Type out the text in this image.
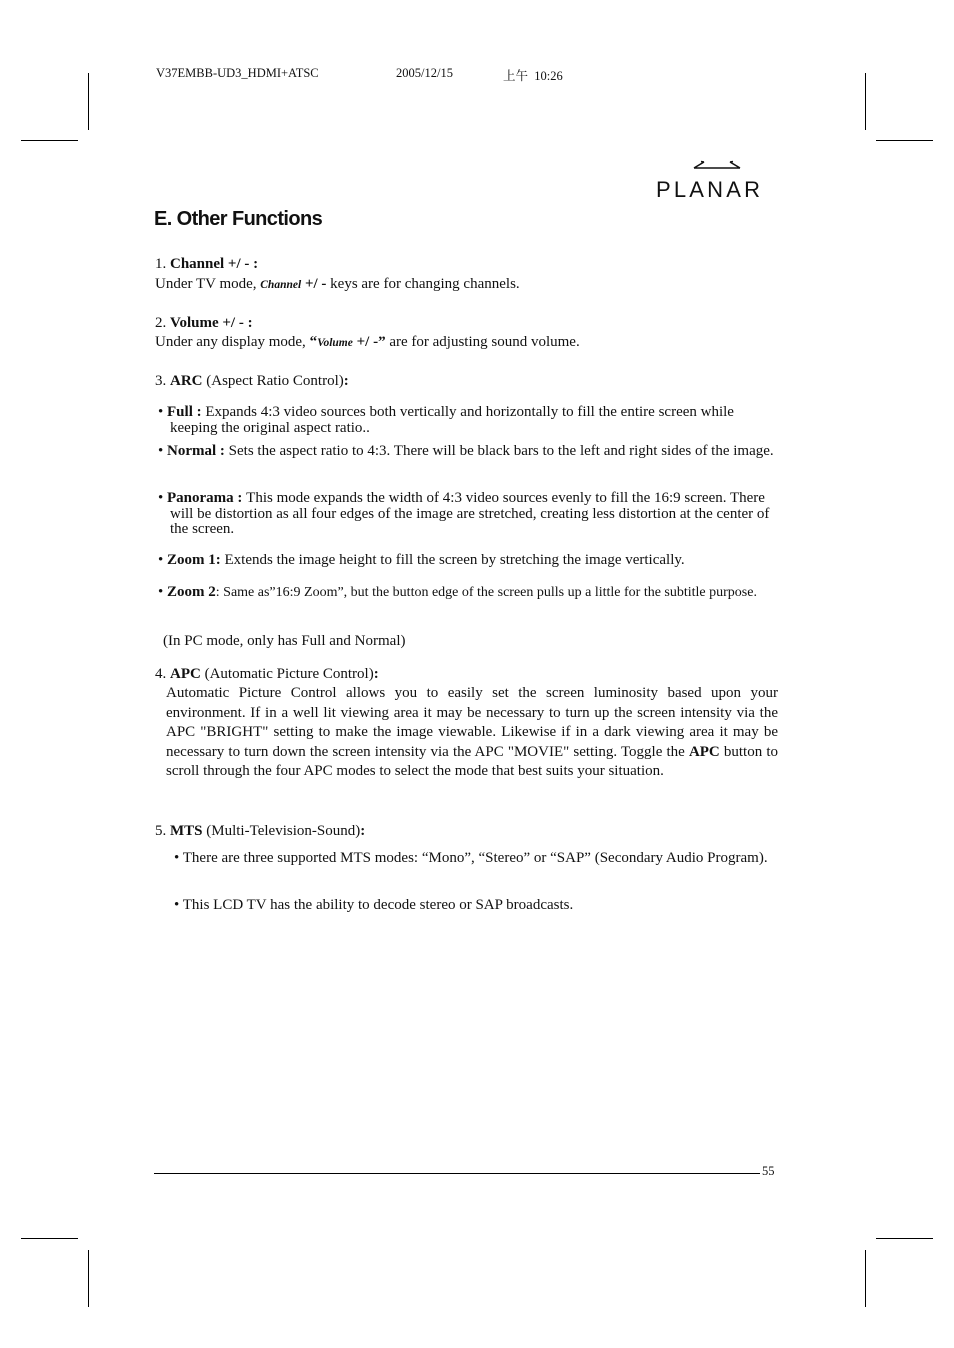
V37EMBB-UD3_HDMI+ATSC	2005/12/15	上午  10:26
PLANAR
E. Other Functions
1. Channel +/ - :
Under TV mode, Channel +/ - keys are for changing channels.
2. Volume +/ - :
Under any display mode, “Volume +/ -” are for adjusting sound volume.
3. ARC (Aspect Ratio Control):
• Full : Expands 4:3 video sources both vertically and horizontally to fill the entire screen while keeping the original aspect ratio..
• Normal : Sets the aspect ratio to 4:3. There will be black bars to the left and right sides of the image.
• Panorama : This mode expands the width of 4:3 video sources evenly to fill the 16:9 screen. There will be distortion as all four edges of the image are stretched, creating less distortion at the center of the screen.
• Zoom 1: Extends the image height to fill the screen by stretching the image vertically.
• Zoom 2: Same as”16:9 Zoom”, but the button edge of the screen pulls up a little for the subtitle purpose.
(In PC mode, only has Full and Normal)
4. APC (Automatic Picture Control):
Automatic Picture Control allows you to easily set the screen luminosity based upon your environment. If in a well lit viewing area it may be necessary to turn up the screen intensity via the APC "BRIGHT" setting to make the image viewable. Likewise if in a dark viewing area it may be necessary to turn down the screen intensity via the APC "MOVIE" setting. Toggle the APC button to scroll through the four APC modes to select the mode that best suits your situation.
5. MTS (Multi-Television-Sound):
• There are three supported MTS modes: “Mono”, “Stereo” or “SAP” (Secondary Audio Program).
• This LCD TV has the ability to decode stereo or SAP broadcasts.
55
